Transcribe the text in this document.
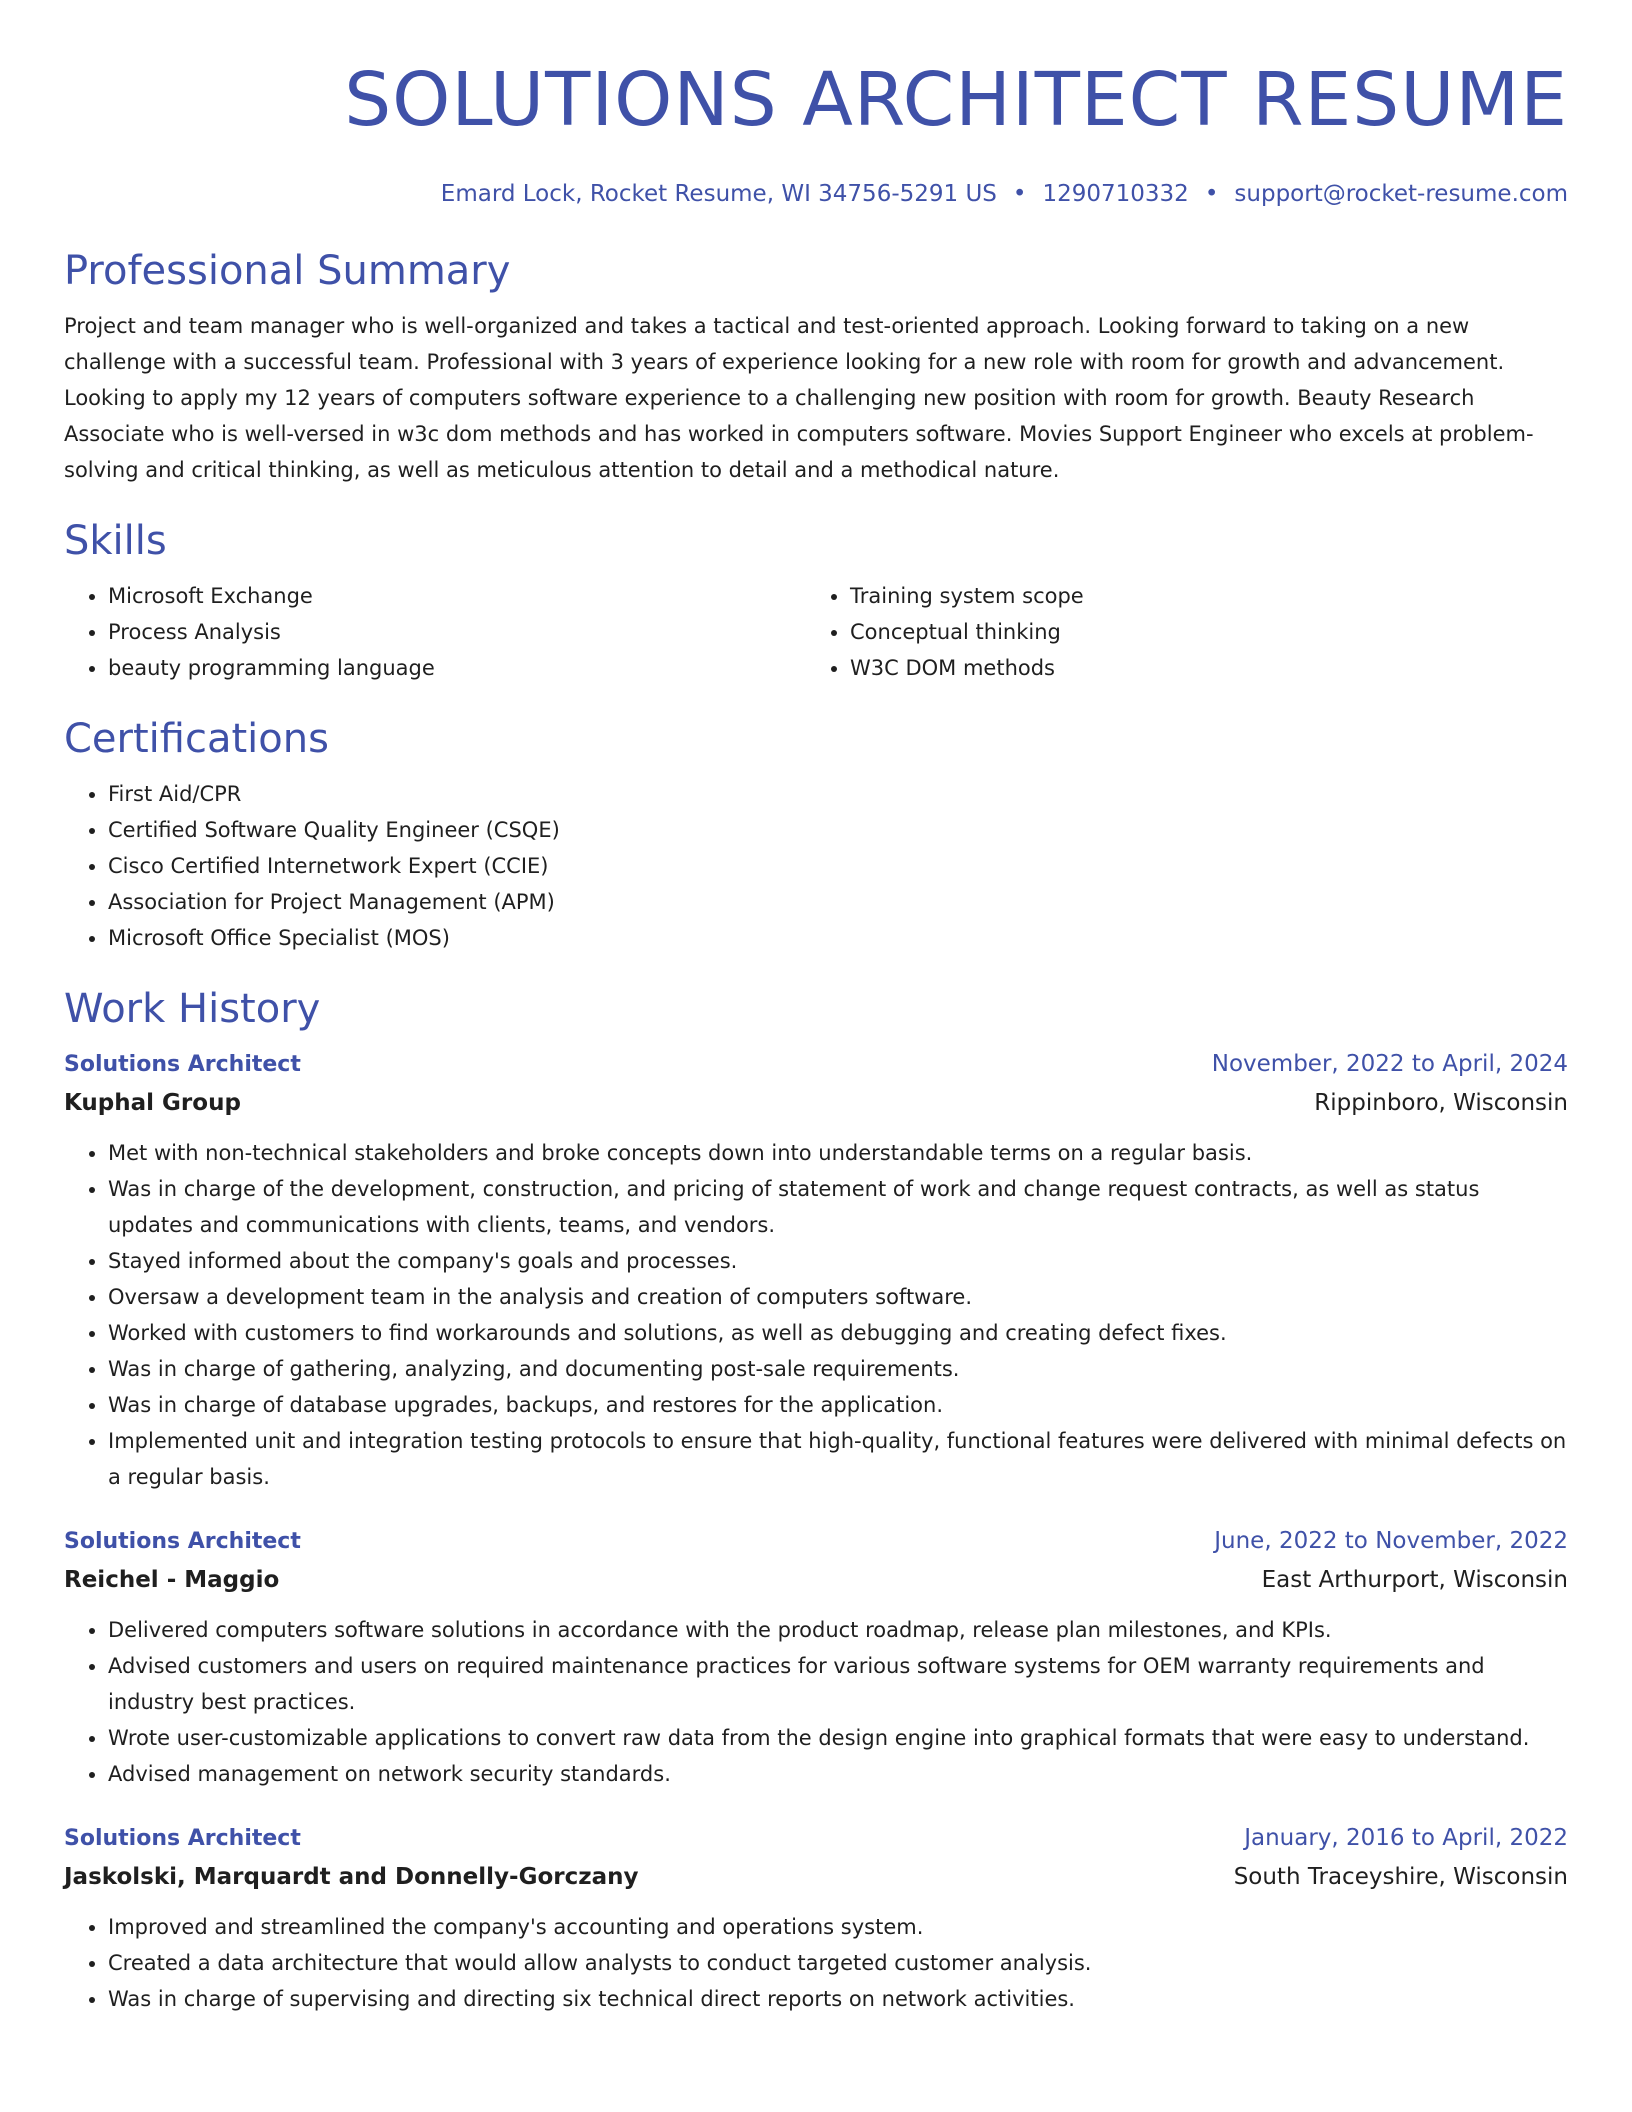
SOLUTIONS ARCHITECT RESUME
Emard Lock, Rocket Resume, WI 34756-5291 US • 1290710332 • support@rocket-resume.com
Professional Summary

Project and team manager who is well-organized and takes a tactical and test-oriented approach. Looking forward to taking on a new challenge with a successful team. Professional with 3 years of experience looking for a new role with room for growth and advancement. Looking to apply my 12 years of computers software experience to a challenging new position with room for growth. Beauty Research Associate who is well-versed in w3c dom methods and has worked in computers software. Movies Support Engineer who excels at problem-solving and critical thinking, as well as meticulous attention to detail and a methodical nature.

Skills
• Microsoft Exchange
• Process Analysis
• beauty programming language
• Training system scope
• Conceptual thinking
• W3C DOM methods
Certifications
• First Aid/CPR
• Certified Software Quality Engineer (CSQE)
• Cisco Certified Internetwork Expert (CCIE)
• Association for Project Management (APM)
• Microsoft Office Specialist (MOS)
Work History
Solutions Architect	November, 2022 to April, 2024
Kuphal Group	Rippinboro, Wisconsin
• Met with non-technical stakeholders and broke concepts down into understandable terms on a regular basis.
• Was in charge of the development, construction, and pricing of statement of work and change request contracts, as well as status updates and communications with clients, teams, and vendors.
• Stayed informed about the company's goals and processes.
• Oversaw a development team in the analysis and creation of computers software.
• Worked with customers to find workarounds and solutions, as well as debugging and creating defect fixes.
• Was in charge of gathering, analyzing, and documenting post-sale requirements.
• Was in charge of database upgrades, backups, and restores for the application.
• Implemented unit and integration testing protocols to ensure that high-quality, functional features were delivered with minimal defects on a regular basis.
Solutions Architect	June, 2022 to November, 2022
Reichel - Maggio	East Arthurport, Wisconsin
• Delivered computers software solutions in accordance with the product roadmap, release plan milestones, and KPIs.
• Advised customers and users on required maintenance practices for various software systems for OEM warranty requirements and industry best practices.
• Wrote user-customizable applications to convert raw data from the design engine into graphical formats that were easy to understand.
• Advised management on network security standards.
Solutions Architect	January, 2016 to April, 2022
Jaskolski, Marquardt and Donnelly-Gorczany	South Traceyshire, Wisconsin
• Improved and streamlined the company's accounting and operations system.
• Created a data architecture that would allow analysts to conduct targeted customer analysis.
• Was in charge of supervising and directing six technical direct reports on network activities.
